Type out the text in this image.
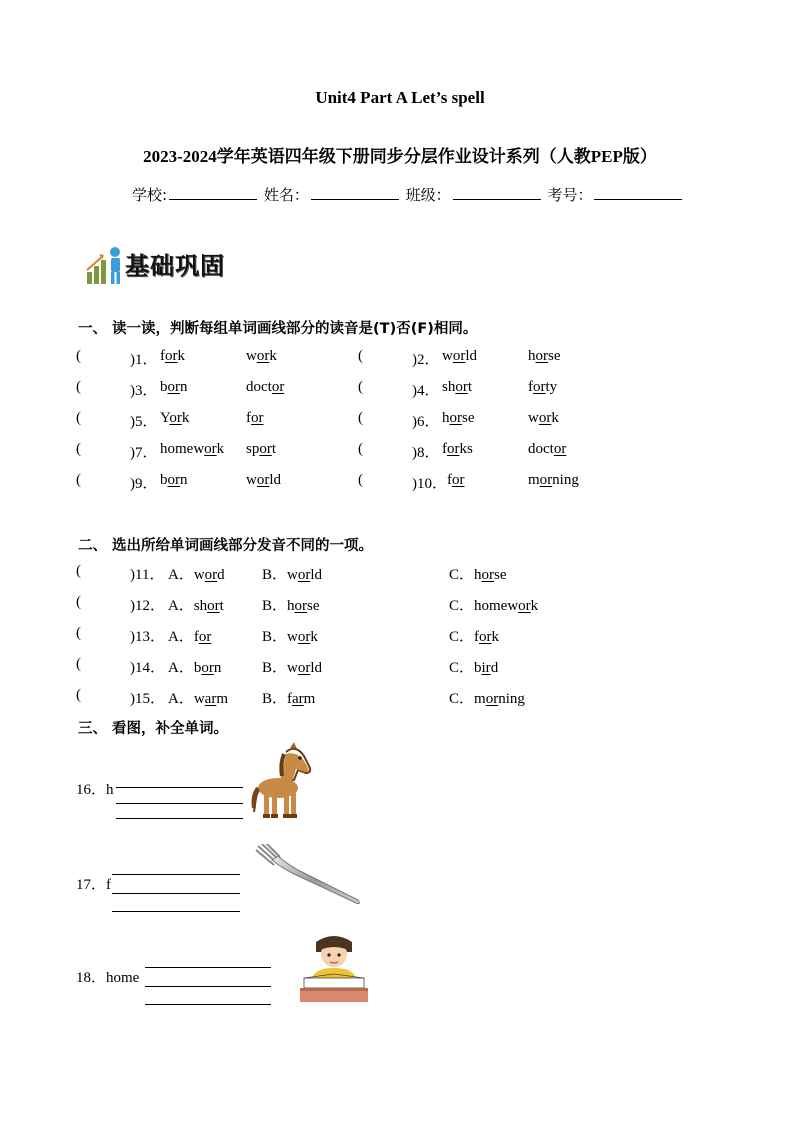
Unit4 Part A Let’s spell
2023-2024学年英语四年级下册同步分层作业设计系列（人教PEP版）
学校:	姓名：	班级：	考号：
基础巩固
一、 读一读，判断每组单词画线部分的读音是(T)否(F)相同。
(	)1． fork	work	(	)2． world	horse
(	)3． born	doctor	(	)4． short	forty
(	)5． York	for	(	)6． horse	work
(	)7． homework sport	(	)8． forks	doctor
(	)9． born	world	(	)10． for	morning
二、 选出所给单词画线部分发音不同的一项。
(	)11． A．word B．world	C．horse
(	)12． A．short	B．horse	C．homework
(	)13． A．for	B．work	C．fork
(	)14． A．born	B．world	C．bird
(	)15． A．warm B．farm	C．morning
三、 看图，补全单词。
16．h
17．f
18．home
